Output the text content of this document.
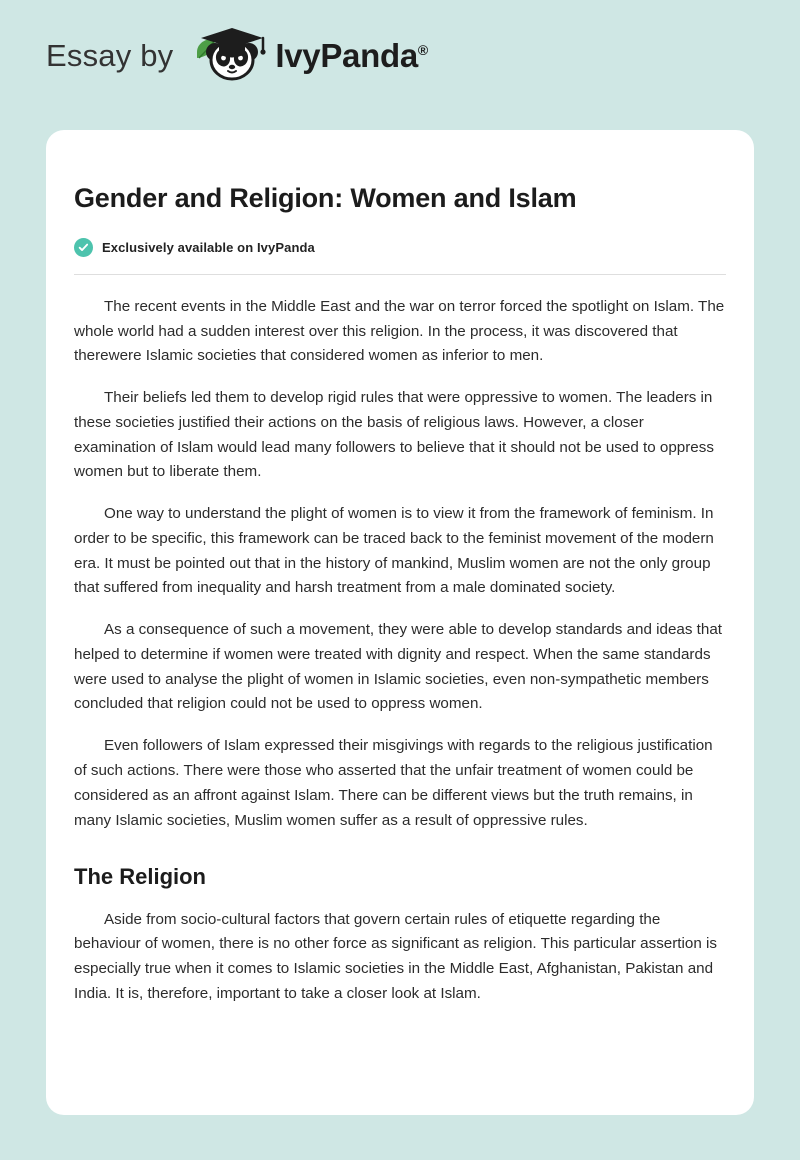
Essay by	IvyPanda®
Gender and Religion: Women and Islam
Exclusively available on IvyPanda

The recent events in the Middle East and the war on terror forced the spotlight on Islam. The whole world had a sudden interest over this religion. In the process, it was discovered that therewere Islamic societies that considered women as inferior to men.

Their beliefs led them to develop rigid rules that were oppressive to women. The leaders in these societies justified their actions on the basis of religious laws. However, a closer examination of Islam would lead many followers to believe that it should not be used to oppress women but to liberate them.

One way to understand the plight of women is to view it from the framework of feminism. In order to be specific, this framework can be traced back to the feminist movement of the modern era. It must be pointed out that in the history of mankind, Muslim women are not the only group that suffered from inequality and harsh treatment from a male dominated society.

As a consequence of such a movement, they were able to develop standards and ideas that helped to determine if women were treated with dignity and respect. When the same standards were used to analyse the plight of women in Islamic societies, even non-sympathetic members concluded that religion could not be used to oppress women.

Even followers of Islam expressed their misgivings with regards to the religious justification of such actions. There were those who asserted that the unfair treatment of women could be considered as an affront against Islam. There can be different views but the truth remains, in many Islamic societies, Muslim women suffer as a result of oppressive rules.

The Religion

Aside from socio-cultural factors that govern certain rules of etiquette regarding the behaviour of women, there is no other force as significant as religion. This particular assertion is especially true when it comes to Islamic societies in the Middle East, Afghanistan, Pakistan and India. It is, therefore, important to take a closer look at Islam.
